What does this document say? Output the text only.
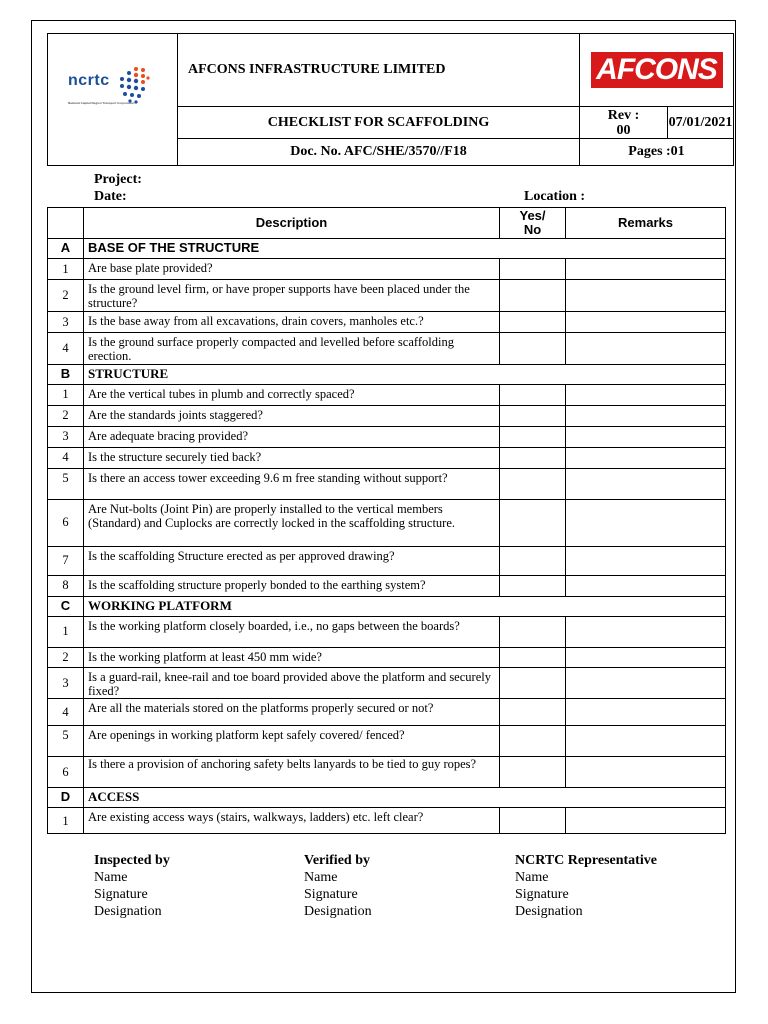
ncrtc
National Capital Region Transport Corporation	AFCONS INFRASTRUCTURE LIMITED	AFCONS	

	CHECKLIST FOR SCAFFOLDING	Rev :
00	07/01/2021
	Doc. No. AFC/SHE/3570//F18	Pages :01	
Project:
Date:	Location :
	Description	Yes/
No	Remarks
A	BASE OF THE STRUCTURE		
1	Are base plate provided?		
2	Is the ground level firm, or have proper supports have been placed under the structure?		
3	Is the base away from all excavations, drain covers, manholes etc.?		
4	Is the ground surface properly compacted and levelled before scaffolding erection.		
B	STRUCTURE		
1	Are the vertical tubes in plumb and correctly spaced?		
2	Are the standards joints staggered?		
3	Are adequate bracing provided?		
4	Is the structure securely tied back?		
5	Is there an access tower exceeding 9.6 m free standing without support?		
6	Are Nut-bolts (Joint Pin) are properly installed to the vertical members (Standard) and Cuplocks are correctly locked in the scaffolding structure.		
7	Is the scaffolding Structure erected as per approved drawing?		
8	Is the scaffolding structure properly bonded to the earthing system?		
C	WORKING PLATFORM		
1	Is the working platform closely boarded, i.e., no gaps between the boards?		
2	Is the working platform at least 450 mm wide?		
3	Is a guard-rail, knee-rail and toe board provided above the platform and securely fixed?		
4	Are all the materials stored on the platforms properly secured or not?		
5	Are openings in working platform kept safely covered/ fenced?		
6	Is there a provision of anchoring safety belts lanyards to be tied to guy ropes?		
D	ACCESS		
1	Are existing access ways (stairs, walkways, ladders) etc. left clear?		
Inspected by
Name
Signature
Designation
Verified by
Name
Signature
Designation
NCRTC Representative
Name
Signature
Designation
